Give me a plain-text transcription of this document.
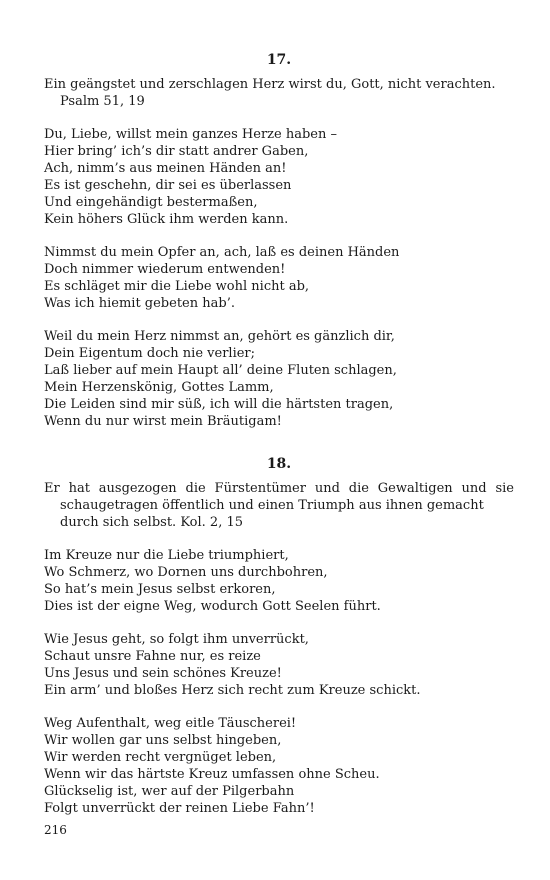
17.
Ein geängstet und zerschlagen Herz wirst du, Gott, nicht verachten.
Psalm 51, 19
Du, Liebe, willst mein ganzes Herze haben –
Hier bring’ ich’s dir statt andrer Gaben,
Ach, nimm’s aus meinen Händen an!
Es ist geschehn, dir sei es überlassen
Und eingehändigt bestermaßen,
Kein höhers Glück ihm werden kann.
Nimmst du mein Opfer an, ach, laß es deinen Händen
Doch nimmer wiederum entwenden!
Es schläget mir die Liebe wohl nicht ab,
Was ich hiemit gebeten hab’.
Weil du mein Herz nimmst an, gehört es gänzlich dir,
Dein Eigentum doch nie verlier;
Laß lieber auf mein Haupt all’ deine Fluten schlagen,
Mein Herzenskönig, Gottes Lamm,
Die Leiden sind mir süß, ich will die härtsten tragen,
Wenn du nur wirst mein Bräutigam!
18.
Er hat ausgezogen die Fürstentümer und die Gewaltigen und sie
schaugetragen öffentlich und einen Triumph aus ihnen gemacht
durch sich selbst. Kol. 2, 15
Im Kreuze nur die Liebe triumphiert,
Wo Schmerz, wo Dornen uns durchbohren,
So hat’s mein Jesus selbst erkoren,
Dies ist der eigne Weg, wodurch Gott Seelen führt.
Wie Jesus geht, so folgt ihm unverrückt,
Schaut unsre Fahne nur, es reize
Uns Jesus und sein schönes Kreuze!
Ein arm’ und bloßes Herz sich recht zum Kreuze schickt.
Weg Aufenthalt, weg eitle Täuscherei!
Wir wollen gar uns selbst hingeben,
Wir werden recht vergnüget leben,
Wenn wir das härtste Kreuz umfassen ohne Scheu.
Glückselig ist, wer auf der Pilgerbahn
Folgt unverrückt der reinen Liebe Fahn’!
216
